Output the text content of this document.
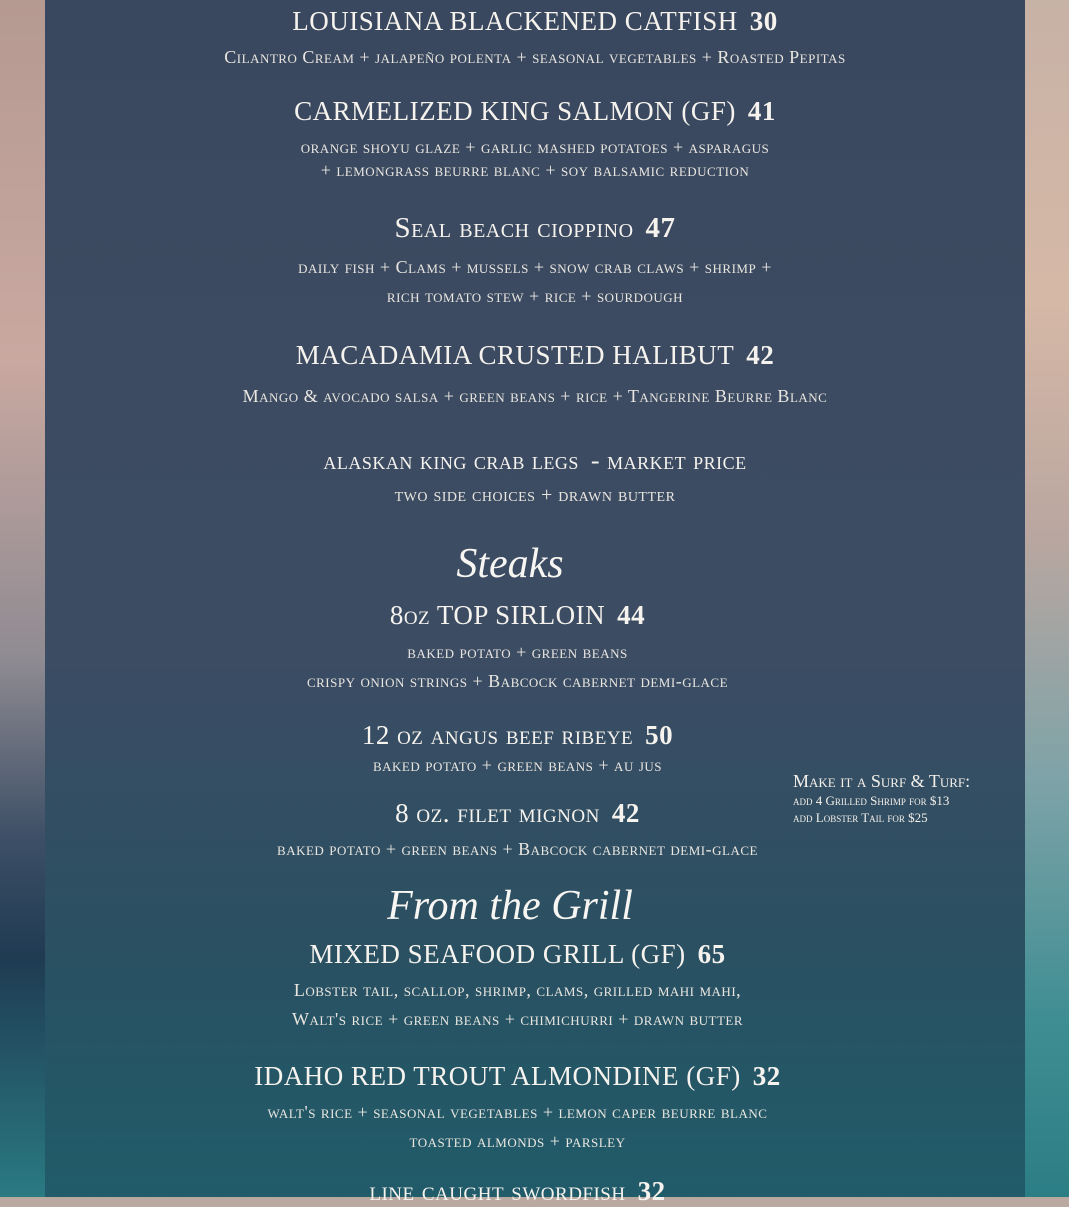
LOUISIANA BLACKENED CATFISH 30
Cilantro Cream + jalapeño polenta + seasonal vegetables + Roasted Pepitas
CARMELIZED KING SALMON (GF) 41
orange shoyu glaze + garlic mashed potatoes + asparagus
+ lemongrass beurre blanc + soy balsamic reduction
Seal beach cioppino 47
daily fish + Clams + mussels + snow crab claws + shrimp +
rich tomato stew + rice + sourdough
MACADAMIA CRUSTED HALIBUT 42
Mango & avocado salsa + green beans + rice + Tangerine Beurre Blanc
alaskan king crab legs - market price
two side choices + drawn butter
Steaks
8oz TOP SIRLOIN 44
baked potato + green beans
crispy onion strings + Babcock cabernet demi-glace
12 oz angus beef ribeye 50
baked potato + green beans + au jus
8 oz. filet mignon 42
baked potato + green beans + Babcock cabernet demi-glace
Make it a Surf & Turf:
add 4 Grilled Shrimp for $13
add Lobster Tail for $25
From the Grill
MIXED SEAFOOD GRILL (GF) 65
Lobster tail, scallop, shrimp, clams, grilled mahi mahi,
Walt's rice + green beans + chimichurri + drawn butter
IDAHO RED TROUT ALMONDINE (GF) 32
walt's rice + seasonal vegetables + lemon caper beurre blanc
toasted almonds + parsley
line caught swordfish 32
